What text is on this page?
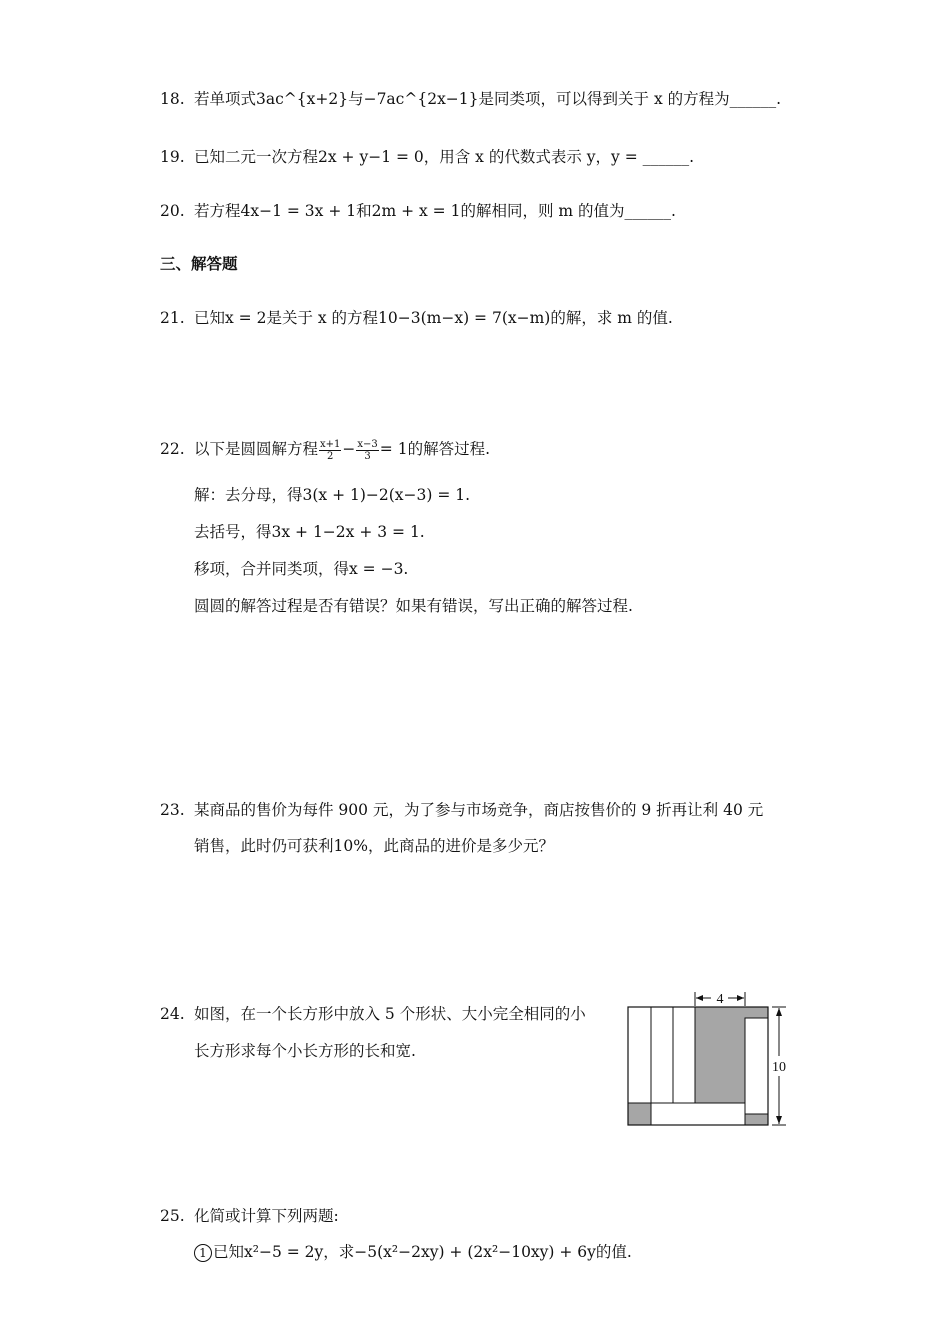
18. 若单项式3ac^{x+2}与−7ac^{2x−1}是同类项，可以得到关于 x 的方程为______.
19. 已知二元一次方程2x + y−1 = 0，用含 x 的代数式表示 y，y = ______.
20. 若方程4x−1 = 3x + 1和2m + x = 1的解相同，则 m 的值为______.
三、解答题
21. 已知x = 2是关于 x 的方程10−3(m−x) = 7(x−m)的解，求 m 的值.
22. 以下是圆圆解方程 $\frac{x+1}{2} - \frac{x-3}{3} = 1$的解答过程.
解：去分母，得3(x + 1)−2(x−3) = 1.
去括号，得3x + 1−2x + 3 = 1.
移项，合并同类项，得x = −3.
圆圆的解答过程是否有错误？如果有错误，写出正确的解答过程.
23. 某商品的售价为每件 900 元，为了参与市场竞争，商店按售价的 9 折再让利 40 元
销售，此时仍可获利10%，此商品的进价是多少元？
24. 如图，在一个长方形中放入 5 个形状、大小完全相同的小
长方形求每个小长方形的长和宽.
4
10
25. 化简或计算下列两题:
1 已知x²−5 = 2y，求−5(x²−2xy) + (2x²−10xy) + 6y的值.
